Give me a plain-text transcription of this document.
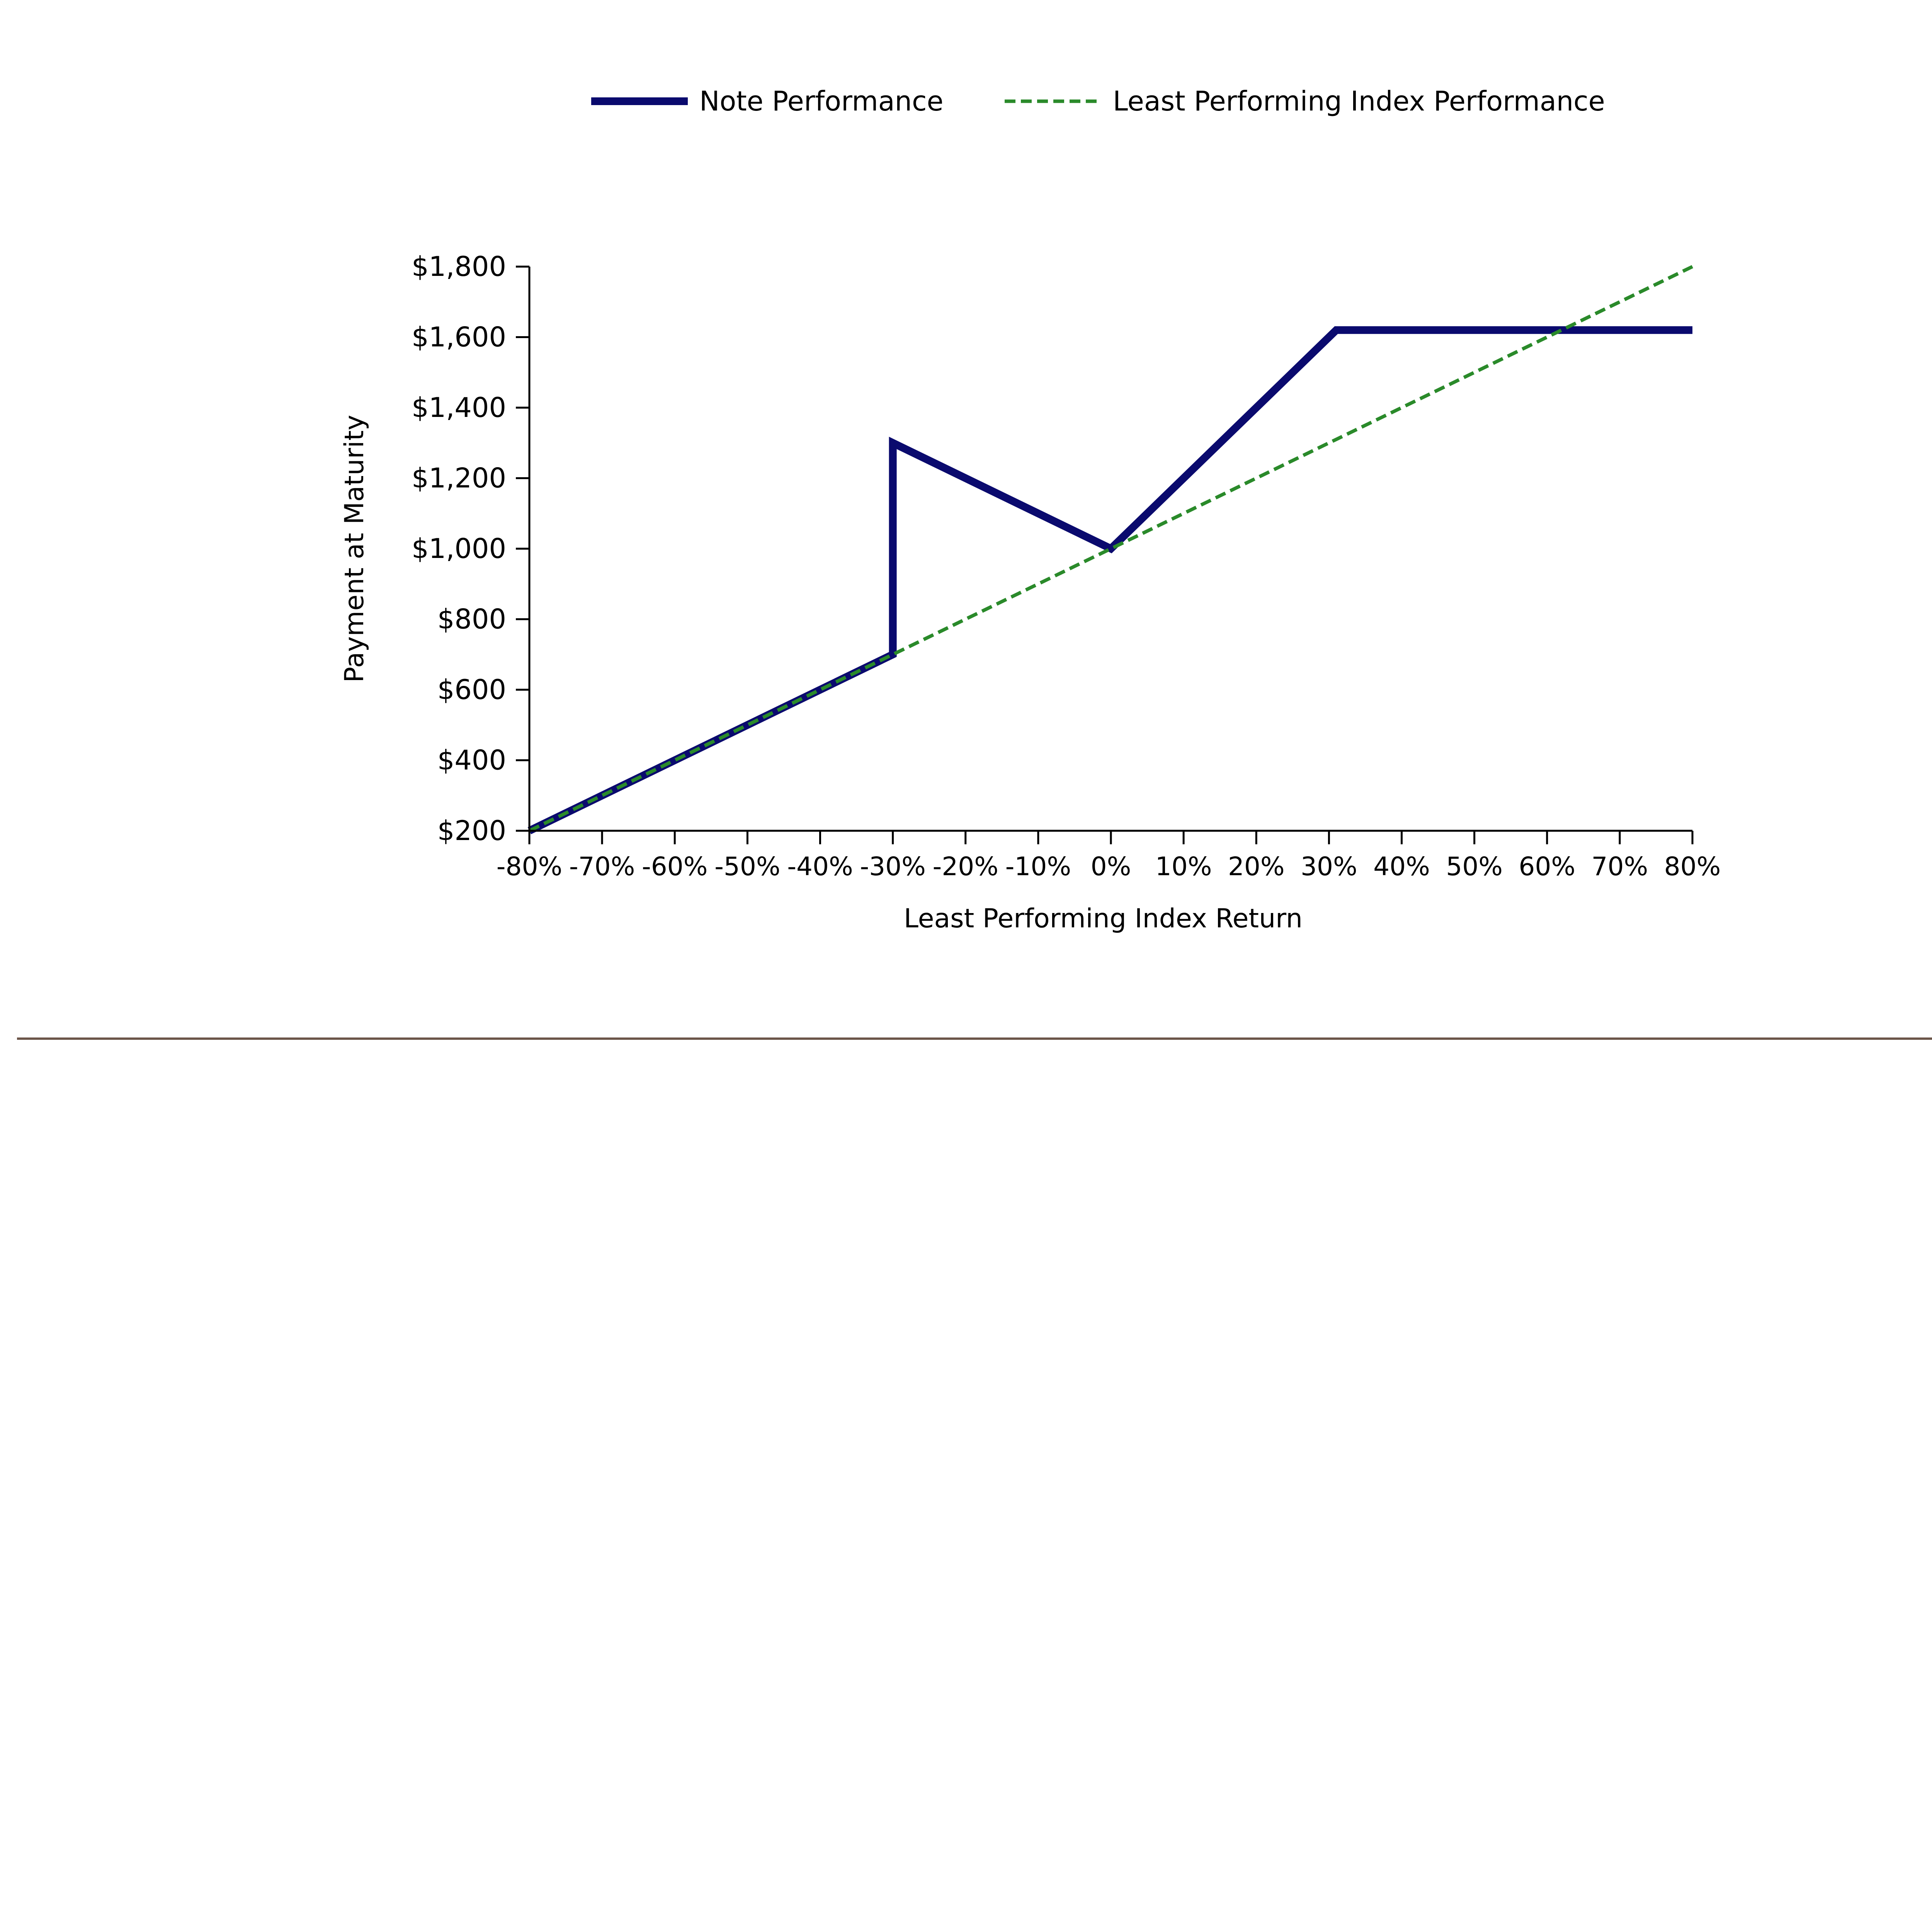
Note Performance	Least Performing Index Performance
$200
$400
$600
$800
$1,000
$1,200
$1,400
$1,600
$1,800
-80% -70% -60% -50% -40% -30% -20% -10% 0% 10% 20% 30% 40% 50% 60% 70% 80%
Payment at Maturity
Least Performing Index Return
